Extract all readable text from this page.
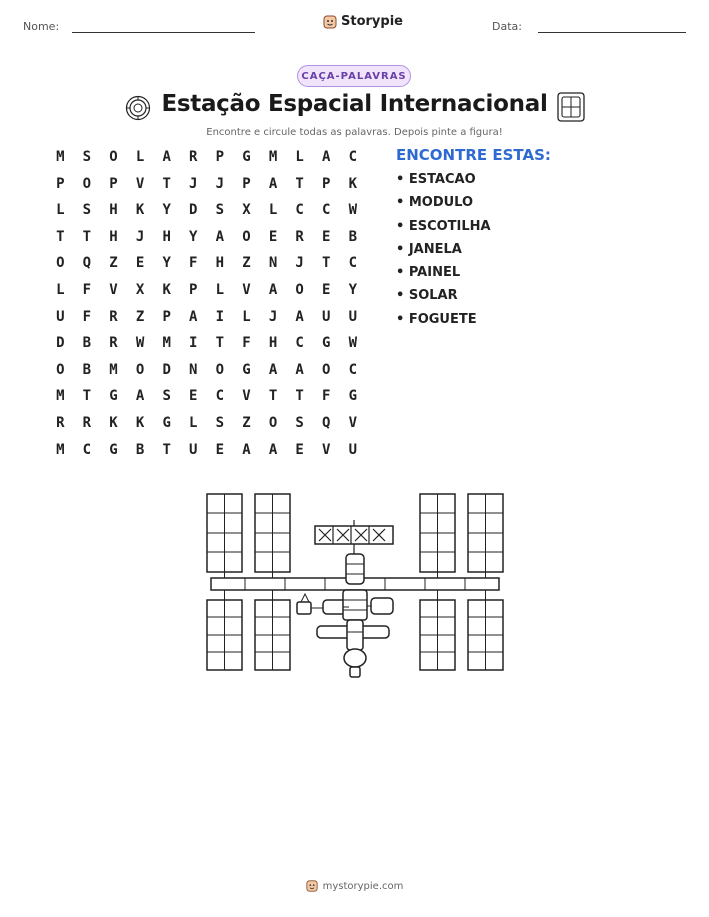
Nome:	Storypie	Data:
CAÇA-PALAVRAS
Estação Espacial Internacional
Encontre e circule todas as palavras. Depois pinte a figura!
M	S	O	L	A	R	P	G	M	L	A	C
P	O	P	V	T	J	J	P	A	T	P	K
L	S	H	K	Y	D	S	X	L	C	C	W
T	T	H	J	H	Y	A	O	E	R	E	B
O	Q	Z	E	Y	F	H	Z	N	J	T	C
L	F	V	X	K	P	L	V	A	O	E	Y
U	F	R	Z	P	A	I	L	J	A	U	U
D	B	R	W	M	I	T	F	H	C	G	W
O	B	M	O	D	N	O	G	A	A	O	C
M	T	G	A	S	E	C	V	T	T	F	G
R	R	K	K	G	L	S	Z	O	S	Q	V
M	C	G	B	T	U	E	A	A	E	V	U
ENCONTRE ESTAS:
• ESTACAO
• MODULO
• ESCOTILHA
• JANELA
• PAINEL
• SOLAR
• FOGUETE
mystorypie.com
